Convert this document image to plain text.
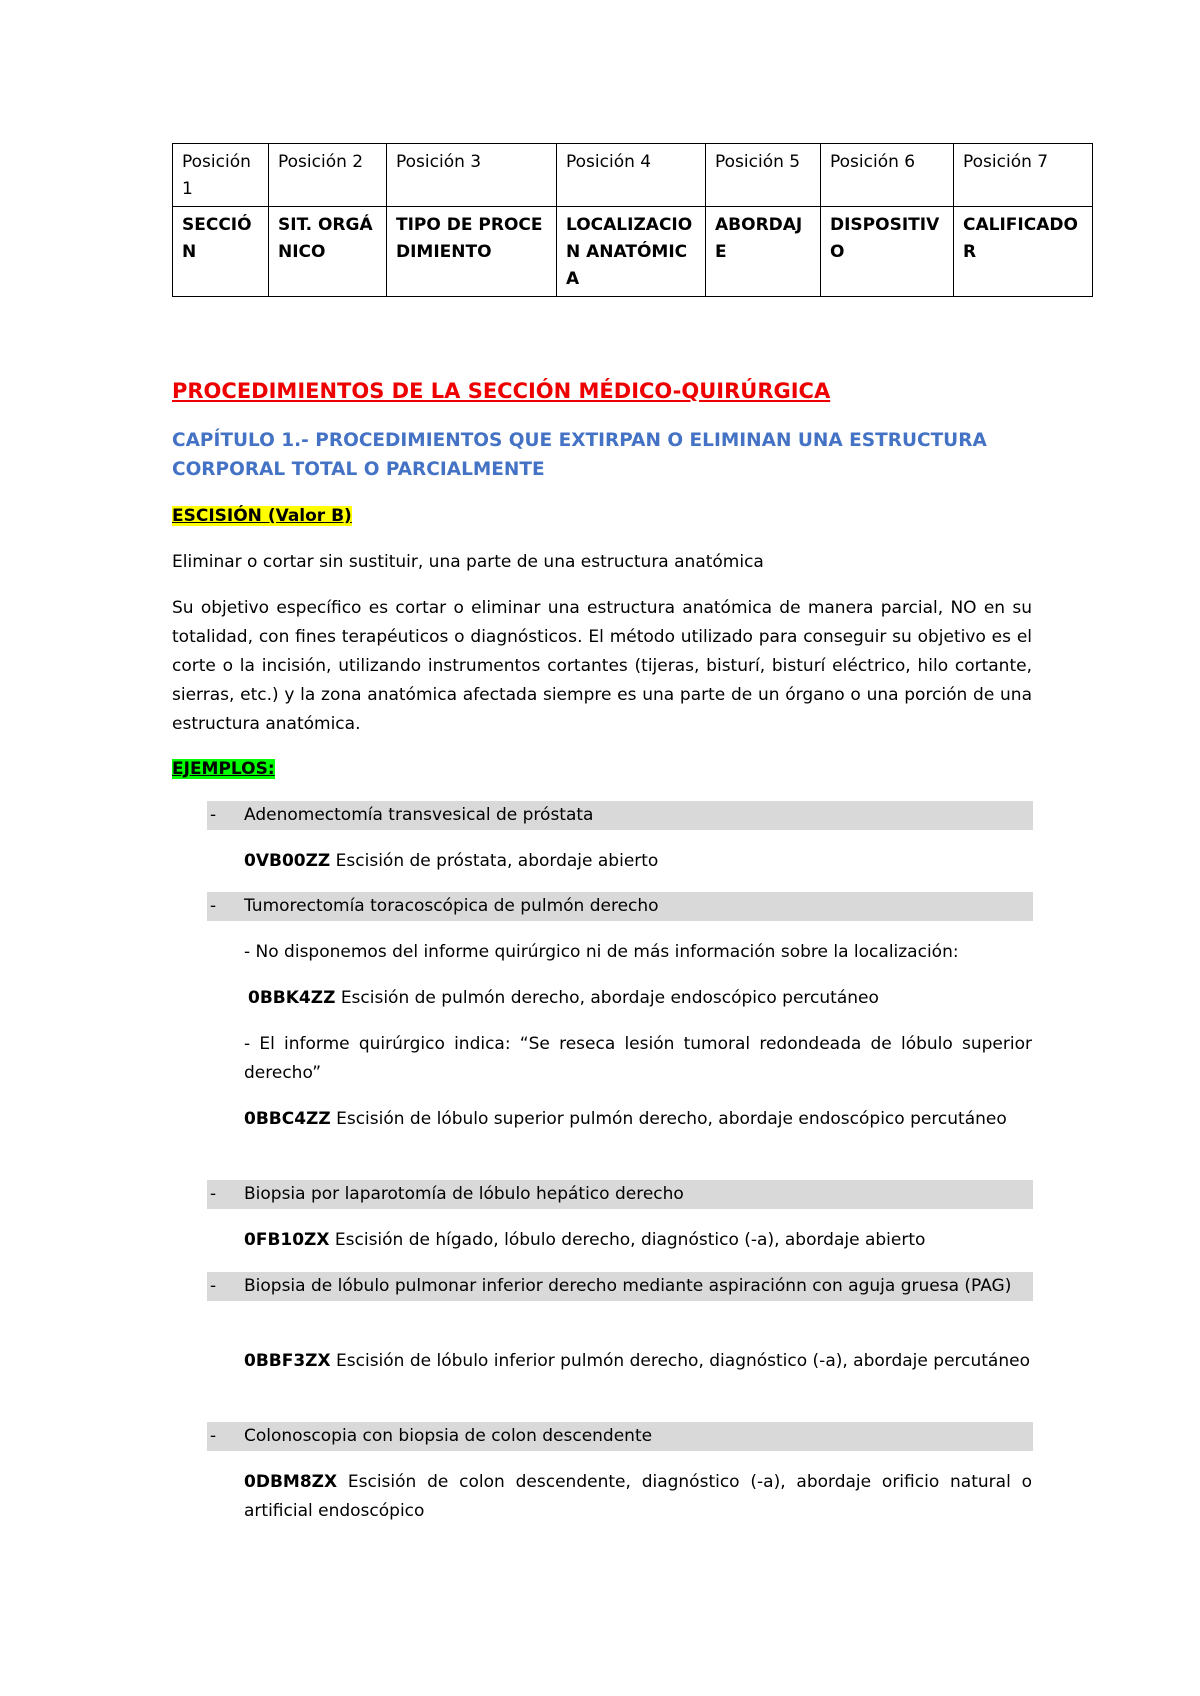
Posición 1	Posición 2	Posición 3	Posición 4	Posición 5	Posición 6	Posición 7
SECCIÓN	SIT. ORGÁNICO	TIPO DE PROCEDIMIENTO	LOCALIZACION ANATÓMICA	ABORDAJE	DISPOSITIVO	CALIFICADOR
PROCEDIMIENTOS DE LA SECCIÓN MÉDICO-QUIRÚRGICA
CAPÍTULO 1.- PROCEDIMIENTOS QUE EXTIRPAN O ELIMINAN UNA ESTRUCTURA CORPORAL TOTAL O PARCIALMENTE
ESCISIÓN (Valor B)
Eliminar o cortar sin sustituir, una parte de una estructura anatómica
Su objetivo específico es cortar o eliminar una estructura anatómica de manera parcial, NO en su totalidad, con fines terapéuticos o diagnósticos. El método utilizado para conseguir su objetivo es el corte o la incisión, utilizando instrumentos cortantes (tijeras, bisturí, bisturí eléctrico, hilo cortante, sierras, etc.) y la zona anatómica afectada siempre es una parte de un órgano o una porción de una estructura anatómica.
EJEMPLOS:
- Adenomectomía transvesical de próstata
0VB00ZZ Escisión de próstata, abordaje abierto
- Tumorectomía toracoscópica de pulmón derecho
- No disponemos del informe quirúrgico ni de más información sobre la localización:
0BBK4ZZ Escisión de pulmón derecho, abordaje endoscópico percutáneo
- El informe quirúrgico indica: “Se reseca lesión tumoral redondeada de lóbulo superior derecho”
0BBC4ZZ Escisión de lóbulo superior pulmón derecho, abordaje endoscópico percutáneo
- Biopsia por laparotomía de lóbulo hepático derecho
0FB10ZX Escisión de hígado, lóbulo derecho, diagnóstico (-a), abordaje abierto
- Biopsia de lóbulo pulmonar inferior derecho mediante aspiraciónn con aguja gruesa (PAG)
0BBF3ZX Escisión de lóbulo inferior pulmón derecho, diagnóstico (-a), abordaje percutáneo
- Colonoscopia con biopsia de colon descendente
0DBM8ZX Escisión de colon descendente, diagnóstico (-a), abordaje orificio natural o artificial endoscópico
